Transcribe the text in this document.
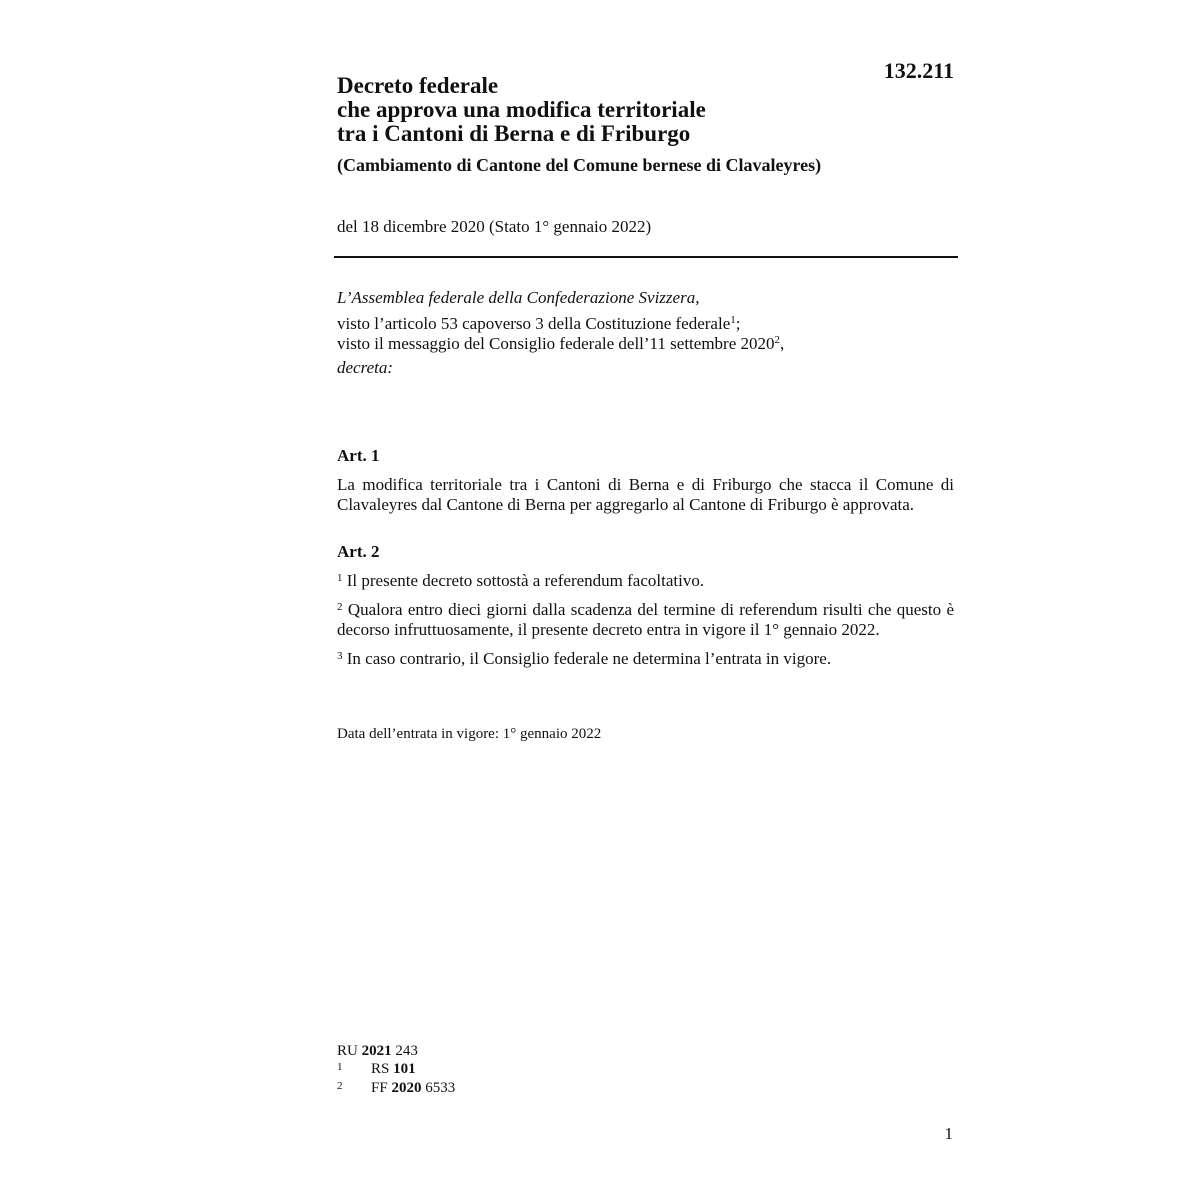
132.211
Decreto federale
che approva una modifica territoriale
tra i Cantoni di Berna e di Friburgo
(Cambiamento di Cantone del Comune bernese di Clavaleyres)
del 18 dicembre 2020 (Stato 1° gennaio 2022)
L’Assemblea federale della Confederazione Svizzera,
visto l’articolo 53 capoverso 3 della Costituzione federale$^1$;
visto il messaggio del Consiglio federale dell’11 settembre 2020$^2$,
decreta:
Art. 1

La modifica territoriale tra i Cantoni di Berna e di Friburgo che stacca il Comune di Clavaleyres dal Cantone di Berna per aggregarlo al Cantone di Friburgo è approvata.

Art. 2

$^1$ Il presente decreto sottostà a referendum facoltativo.

$^2$ Qualora entro dieci giorni dalla scadenza del termine di referendum risulti che questo è decorso infruttuosamente, il presente decreto entra in vigore il 1° gennaio 2022.

$^3$ In caso contrario, il Consiglio federale ne determina l’entrata in vigore.

Data dell’entrata in vigore: 1° gennaio 2022
RU 2021 243
1	RS
101
2	FF
2020
6533
1
